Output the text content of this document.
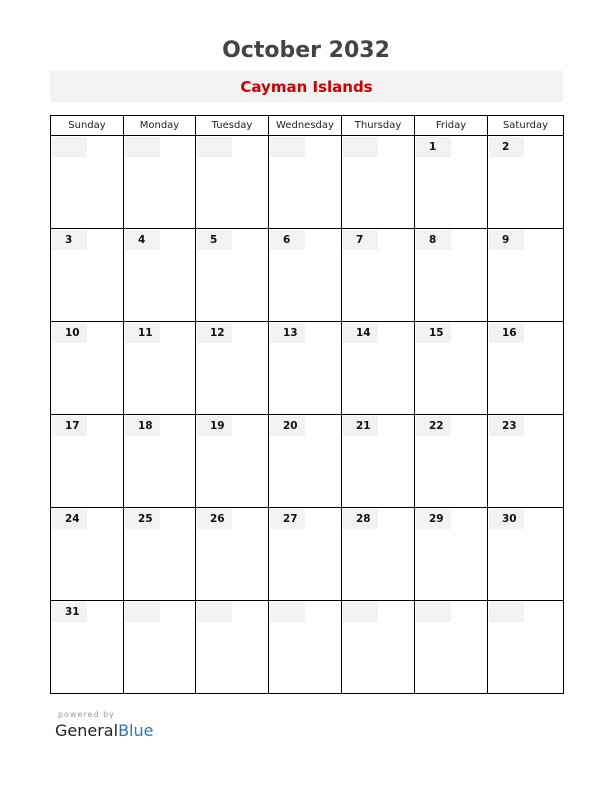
October 2032
Cayman Islands
Sunday	Monday	Tuesday	Wednesday	Thursday	Friday	Saturday

					1	2

3	4	5	6	7	8	9

10	11	12	13	14	15	16

17	18	19	20	21	22	23

24	25	26	27	28	29	30

31						

powered by
GeneralBlue
